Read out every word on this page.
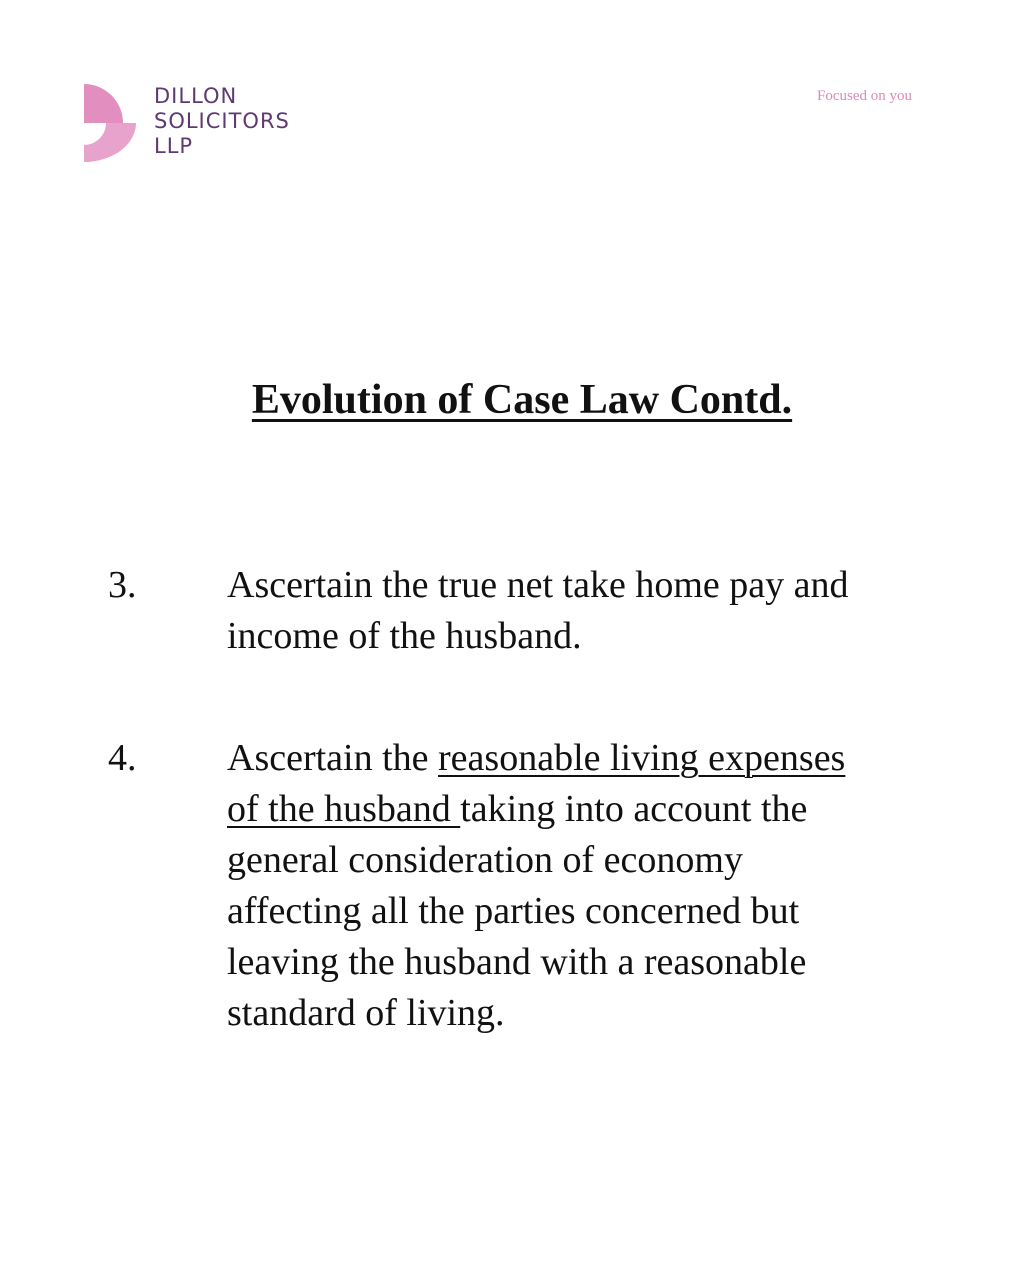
DILLON
SOLICITORS
LLP
Focused on you
Evolution of Case Law Contd.
3. Ascertain the true net take home pay and
income of the husband.
4. Ascertain the reasonable living expenses
of the husband taking into account the
general consideration of economy
affecting all the parties concerned but
leaving the husband with a reasonable
standard of living.
